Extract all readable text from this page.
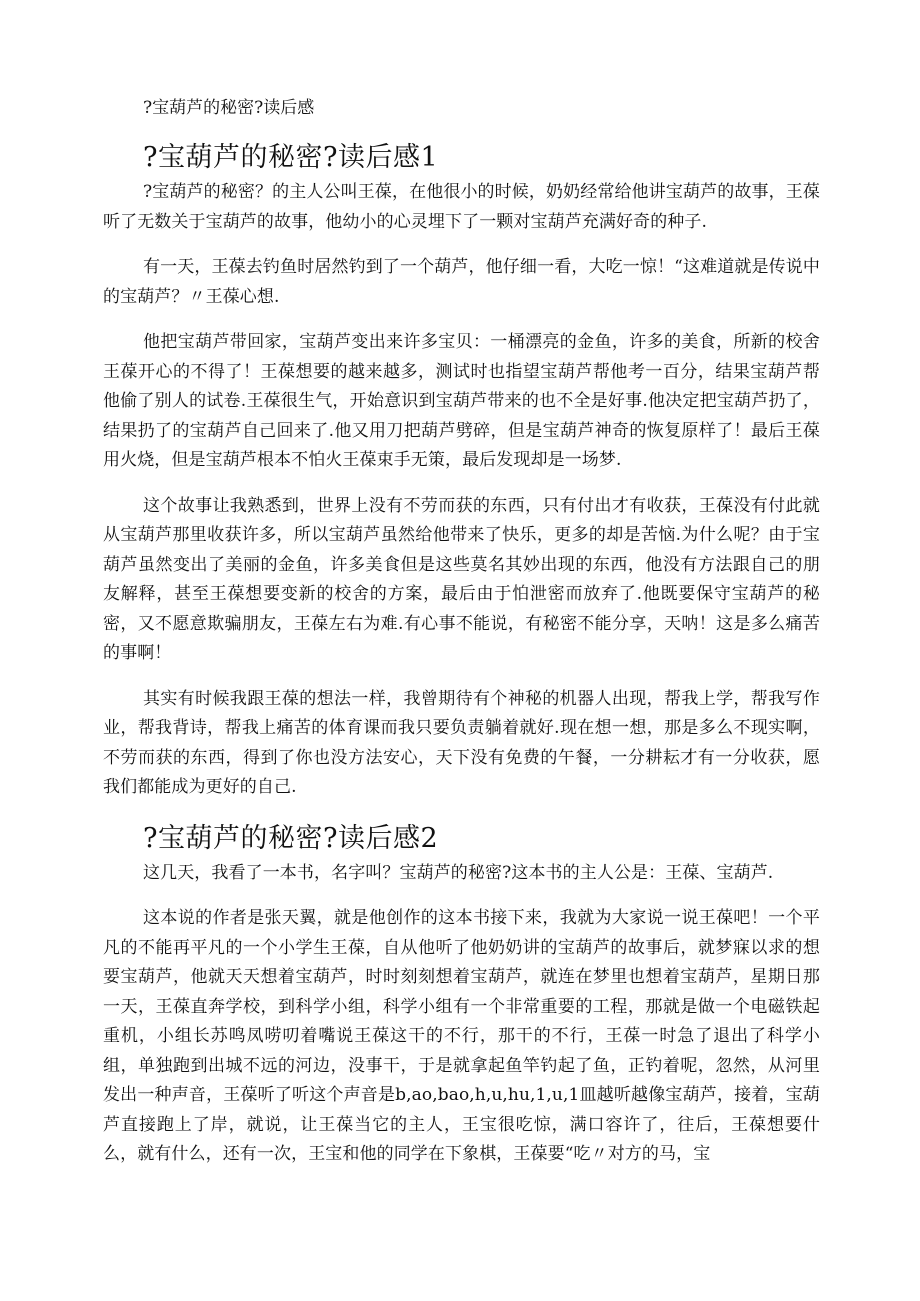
?宝葫芦的秘密?读后感
?宝葫芦的秘密?读后感1

?宝葫芦的秘密？的主人公叫王葆，在他很小的时候，奶奶经常给他讲宝葫芦的故事，王葆听了无数关于宝葫芦的故事，他幼小的心灵埋下了一颗对宝葫芦充满好奇的种子.

有一天，王葆去钓鱼时居然钓到了一个葫芦，他仔细一看，大吃一惊！“这难道就是传说中的宝葫芦？〃王葆心想.

他把宝葫芦带回家，宝葫芦变出来许多宝贝：一桶漂亮的金鱼，许多的美食，所新的校舍王葆开心的不得了！王葆想要的越来越多，测试时也指望宝葫芦帮他考一百分，结果宝葫芦帮他偷了别人的试卷.王葆很生气，开始意识到宝葫芦带来的也不全是好事.他决定把宝葫芦扔了，结果扔了的宝葫芦自己回来了.他又用刀把葫芦劈碎，但是宝葫芦神奇的恢复原样了！最后王葆用火烧，但是宝葫芦根本不怕火王葆束手无策，最后发现却是一场梦.

这个故事让我熟悉到，世界上没有不劳而获的东西，只有付出才有收获，王葆没有付此就从宝葫芦那里收获许多，所以宝葫芦虽然给他带来了快乐，更多的却是苦恼.为什么呢？由于宝葫芦虽然变出了美丽的金鱼，许多美食但是这些莫名其妙出现的东西，他没有方法跟自己的朋友解释，甚至王葆想要变新的校舍的方案，最后由于怕泄密而放弃了.他既要保守宝葫芦的秘密，又不愿意欺骗朋友，王葆左右为难.有心事不能说，有秘密不能分享，天呐！这是多么痛苦的事啊！

其实有时候我跟王葆的想法一样，我曾期待有个神秘的机器人出现，帮我上学，帮我写作业，帮我背诗，帮我上痛苦的体育课而我只要负责躺着就好.现在想一想，那是多么不现实啊，不劳而获的东西，得到了你也没方法安心，天下没有免费的午餐，一分耕耘才有一分收获，愿我们都能成为更好的自己.

?宝葫芦的秘密?读后感2

这几天，我看了一本书，名字叫？宝葫芦的秘密?这本书的主人公是：王葆、宝葫芦.

这本说的作者是张天翼，就是他创作的这本书接下来，我就为大家说一说王葆吧！一个平凡的不能再平凡的一个小学生王葆，自从他听了他奶奶讲的宝葫芦的故事后，就梦寐以求的想要宝葫芦，他就天天想着宝葫芦，时时刻刻想着宝葫芦，就连在梦里也想着宝葫芦，星期日那一天，王葆直奔学校，到科学小组，科学小组有一个非常重要的工程，那就是做一个电磁铁起重机，小组长苏鸣凤唠叨着嘴说王葆这干的不行，那干的不行，王葆一时急了退出了科学小组，单独跑到出城不远的河边，没事干，于是就拿起鱼竿钓起了鱼，正钓着呢，忽然，从河里发出一种声音，王葆听了听这个声音是b,ao,bao,h,u,hu,1,u,1皿越听越像宝葫芦，接着，宝葫芦直接跑上了岸，就说，让王葆当它的主人，王宝很吃惊，满口容许了，往后，王葆想要什么，就有什么，还有一次，王宝和他的同学在下象棋，王葆要“吃〃对方的马，宝
